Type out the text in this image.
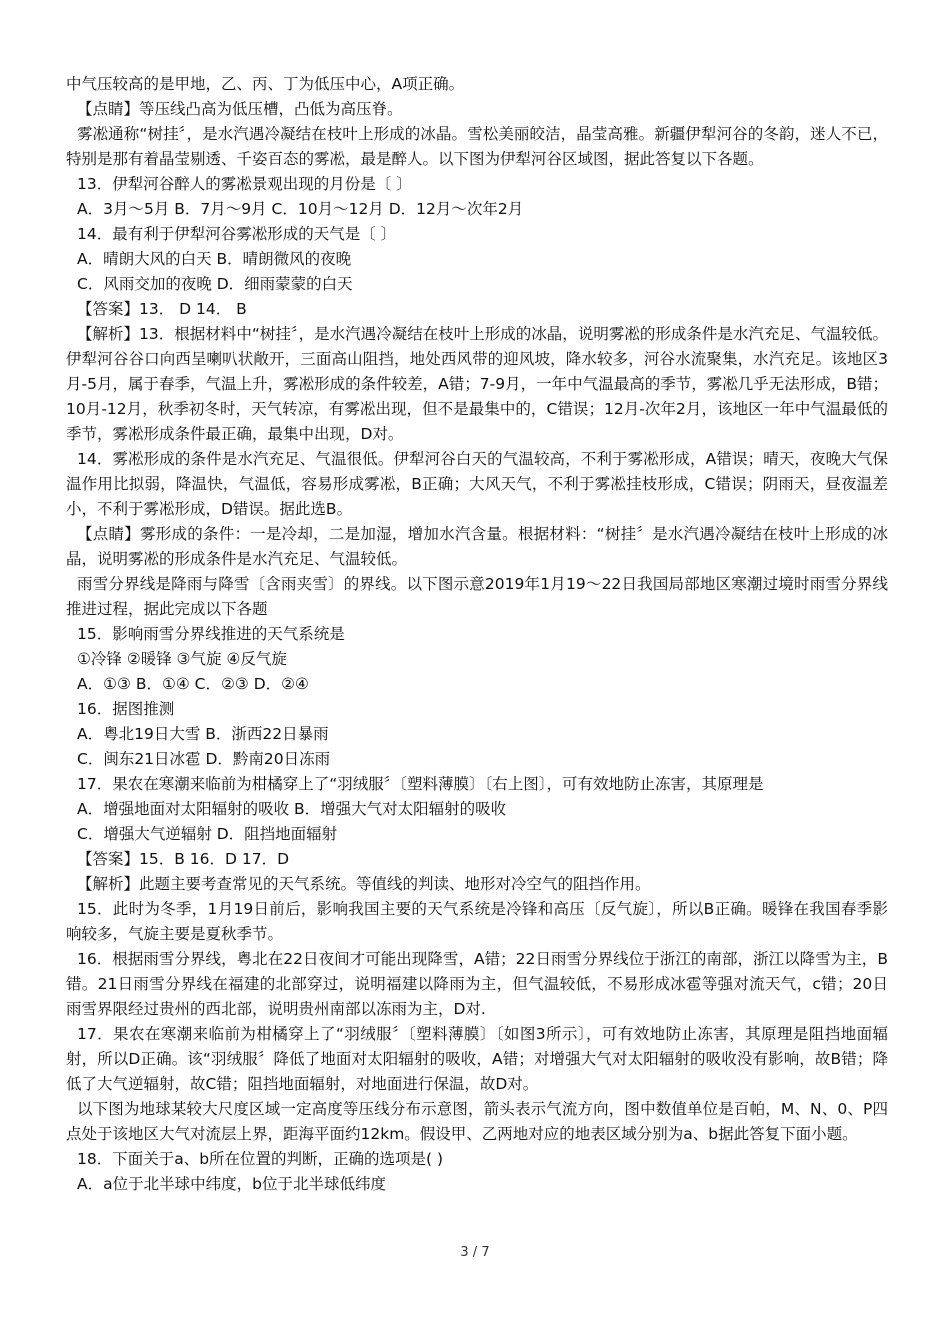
中气压较高的是甲地，乙、丙、丁为低压中心，A项正确。

【点睛】等压线凸高为低压槽，凸低为高压脊。

雾凇通称“树挂〞，是水汽遇冷凝结在枝叶上形成的冰晶。雪松美丽皎洁，晶莹高雅。新疆伊犁河谷的冬韵，迷人不已，特别是那有着晶莹剔透、千姿百态的雾凇，最是醉人。以下图为伊犁河谷区域图，据此答复以下各题。

13．伊犁河谷醉人的雾凇景观出现的月份是〔 〕

A．3月～5月 B．7月～9月 C．10月～12月 D．12月～次年2月

14．最有利于伊犁河谷雾凇形成的天气是〔 〕

A．晴朗大风的白天 B．晴朗微风的夜晚

C．风雨交加的夜晚 D．细雨蒙蒙的白天

【答案】13． D 14． B

【解析】13．根据材料中“树挂〞，是水汽遇冷凝结在枝叶上形成的冰晶，说明雾凇的形成条件是水汽充足、气温较低。伊犁河谷谷口向西呈喇叭状敞开，三面高山阻挡，地处西风带的迎风坡，降水较多，河谷水流聚集，水汽充足。该地区3月-5月，属于春季，气温上升，雾凇形成的条件较差，A错；7-9月，一年中气温最高的季节，雾凇几乎无法形成，B错；10月-12月，秋季初冬时，天气转凉，有雾凇出现，但不是最集中的，C错误；12月-次年2月，该地区一年中气温最低的季节，雾凇形成条件最正确，最集中出现，D对。

14．雾凇形成的条件是水汽充足、气温很低。伊犁河谷白天的气温较高，不利于雾凇形成，A错误；晴天，夜晚大气保温作用比拟弱，降温快，气温低，容易形成雾凇，B正确；大风天气，不利于雾凇挂枝形成，C错误；阴雨天，昼夜温差小，不利于雾凇形成，D错误。据此选B。

【点睛】雾形成的条件：一是冷却，二是加湿，增加水汽含量。根据材料：“树挂〞是水汽遇冷凝结在枝叶上形成的冰晶，说明雾凇的形成条件是水汽充足、气温较低。

雨雪分界线是降雨与降雪〔含雨夹雪〕的界线。以下图示意2019年1月19～22日我国局部地区寒潮过境时雨雪分界线推进过程，据此完成以下各题

15．影响雨雪分界线推进的天气系统是

①冷锋 ②暖锋 ③气旋 ④反气旋

A．①③ B．①④ C．②③ D．②④

16．据图推测

A．粤北19日大雪 B．浙西22日暴雨

C．闽东21日冰雹 D．黔南20日冻雨

17．果农在寒潮来临前为柑橘穿上了“羽绒服〞〔塑料薄膜〕〔右上图〕，可有效地防止冻害，其原理是

A．增强地面对太阳辐射的吸收 B．增强大气对太阳辐射的吸收

C．增强大气逆辐射 D．阻挡地面辐射

【答案】15．B 16．D 17．D

【解析】此题主要考查常见的天气系统。等值线的判读、地形对冷空气的阻挡作用。

15．此时为冬季，1月19日前后，影响我国主要的天气系统是冷锋和高压〔反气旋〕，所以B正确。暖锋在我国春季影响较多，气旋主要是夏秋季节。

16．根据雨雪分界线，粤北在22日夜间才可能出现降雪，A错；22日雨雪分界线位于浙江的南部，浙江以降雪为主，B错。21日雨雪分界线在福建的北部穿过，说明福建以降雨为主，但气温较低，不易形成冰雹等强对流天气，c错；20日雨雪界限经过贵州的西北部，说明贵州南部以冻雨为主，D对.

17．果农在寒潮来临前为柑橘穿上了“羽绒服〞〔塑料薄膜〕〔如图3所示〕，可有效地防止冻害，其原理是阻挡地面辐射，所以D正确。该“羽绒服〞降低了地面对太阳辐射的吸收，A错；对增强大气对太阳辐射的吸收没有影响，故B错；降低了大气逆辐射，故C错；阻挡地面辐射，对地面进行保温，故D对。

以下图为地球某较大尺度区域一定高度等压线分布示意图，箭头表示气流方向，图中数值单位是百帕，M、N、0、P四点处于该地区大气对流层上界，距海平面约12km。假设甲、乙两地对应的地表区域分别为a、b据此答复下面小题。

18．下面关于a、b所在位置的判断，正确的选项是( )

A．a位于北半球中纬度，b位于北半球低纬度

3 / 7
